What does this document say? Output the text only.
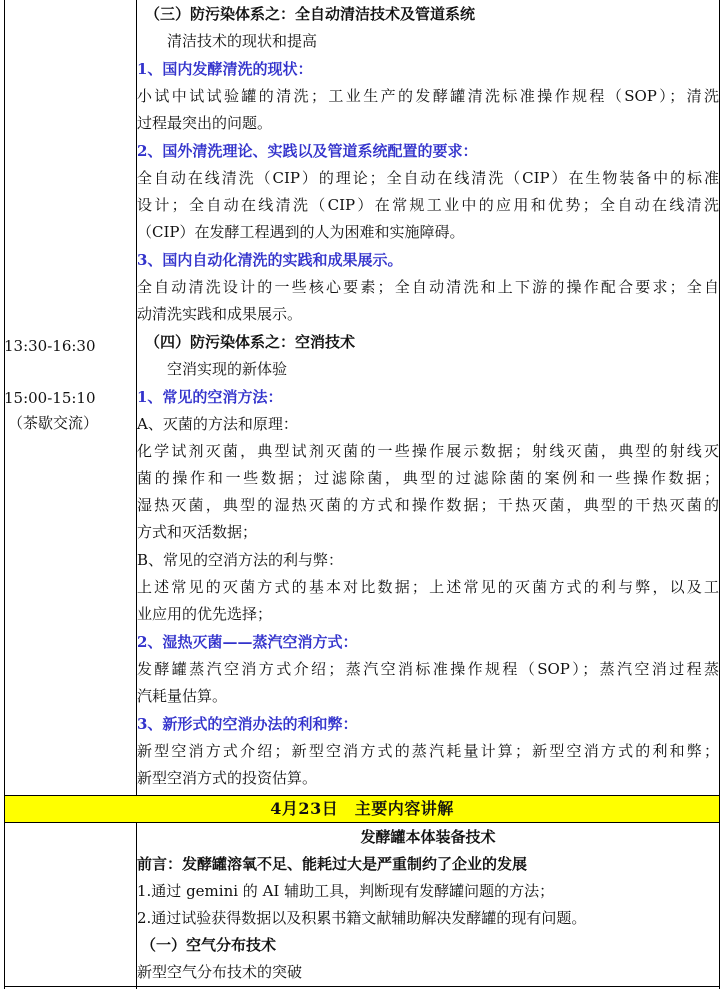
13:30-16:30
15:00-15:10
（茶歇交流）
（三）防污染体系之：全自动清洁技术及管道系统
清洁技术的现状和提高
1、国内发酵清洗的现状：
小试中试试验罐的清洗；工业生产的发酵罐清洗标准操作规程（SOP）；清洗
过程最突出的问题。
2、国外清洗理论、实践以及管道系统配置的要求：
全自动在线清洗（CIP）的理论；全自动在线清洗（CIP）在生物装备中的标准
设计；全自动在线清洗（CIP）在常规工业中的应用和优势；全自动在线清洗
（CIP）在发酵工程遇到的人为困难和实施障碍。
3、国内自动化清洗的实践和成果展示。
全自动清洗设计的一些核心要素；全自动清洗和上下游的操作配合要求；全自
动清洗实践和成果展示。
（四）防污染体系之：空消技术
空消实现的新体验
1、常见的空消方法：
A、灭菌的方法和原理：
化学试剂灭菌，典型试剂灭菌的一些操作展示数据；射线灭菌，典型的射线灭
菌的操作和一些数据；过滤除菌，典型的过滤除菌的案例和一些操作数据；
湿热灭菌，典型的湿热灭菌的方式和操作数据；干热灭菌，典型的干热灭菌的
方式和灭活数据；
B、常见的空消方法的利与弊：
上述常见的灭菌方式的基本对比数据；上述常见的灭菌方式的利与弊，以及工
业应用的优先选择；
2、湿热灭菌——蒸汽空消方式：
发酵罐蒸汽空消方式介绍；蒸汽空消标准操作规程（SOP）；蒸汽空消过程蒸
汽耗量估算。
3、新形式的空消办法的利和弊：
新型空消方式介绍；新型空消方式的蒸汽耗量计算；新型空消方式的利和弊；
新型空消方式的投资估算。
4月23日　主要内容讲解
发酵罐本体装备技术
前言：发酵罐溶氧不足、能耗过大是严重制约了企业的发展
1.通过 gemini 的 AI 辅助工具，判断现有发酵罐问题的方法；
2.通过试验获得数据以及积累书籍文献辅助解决发酵罐的现有问题。
（一）空气分布技术
新型空气分布技术的突破
